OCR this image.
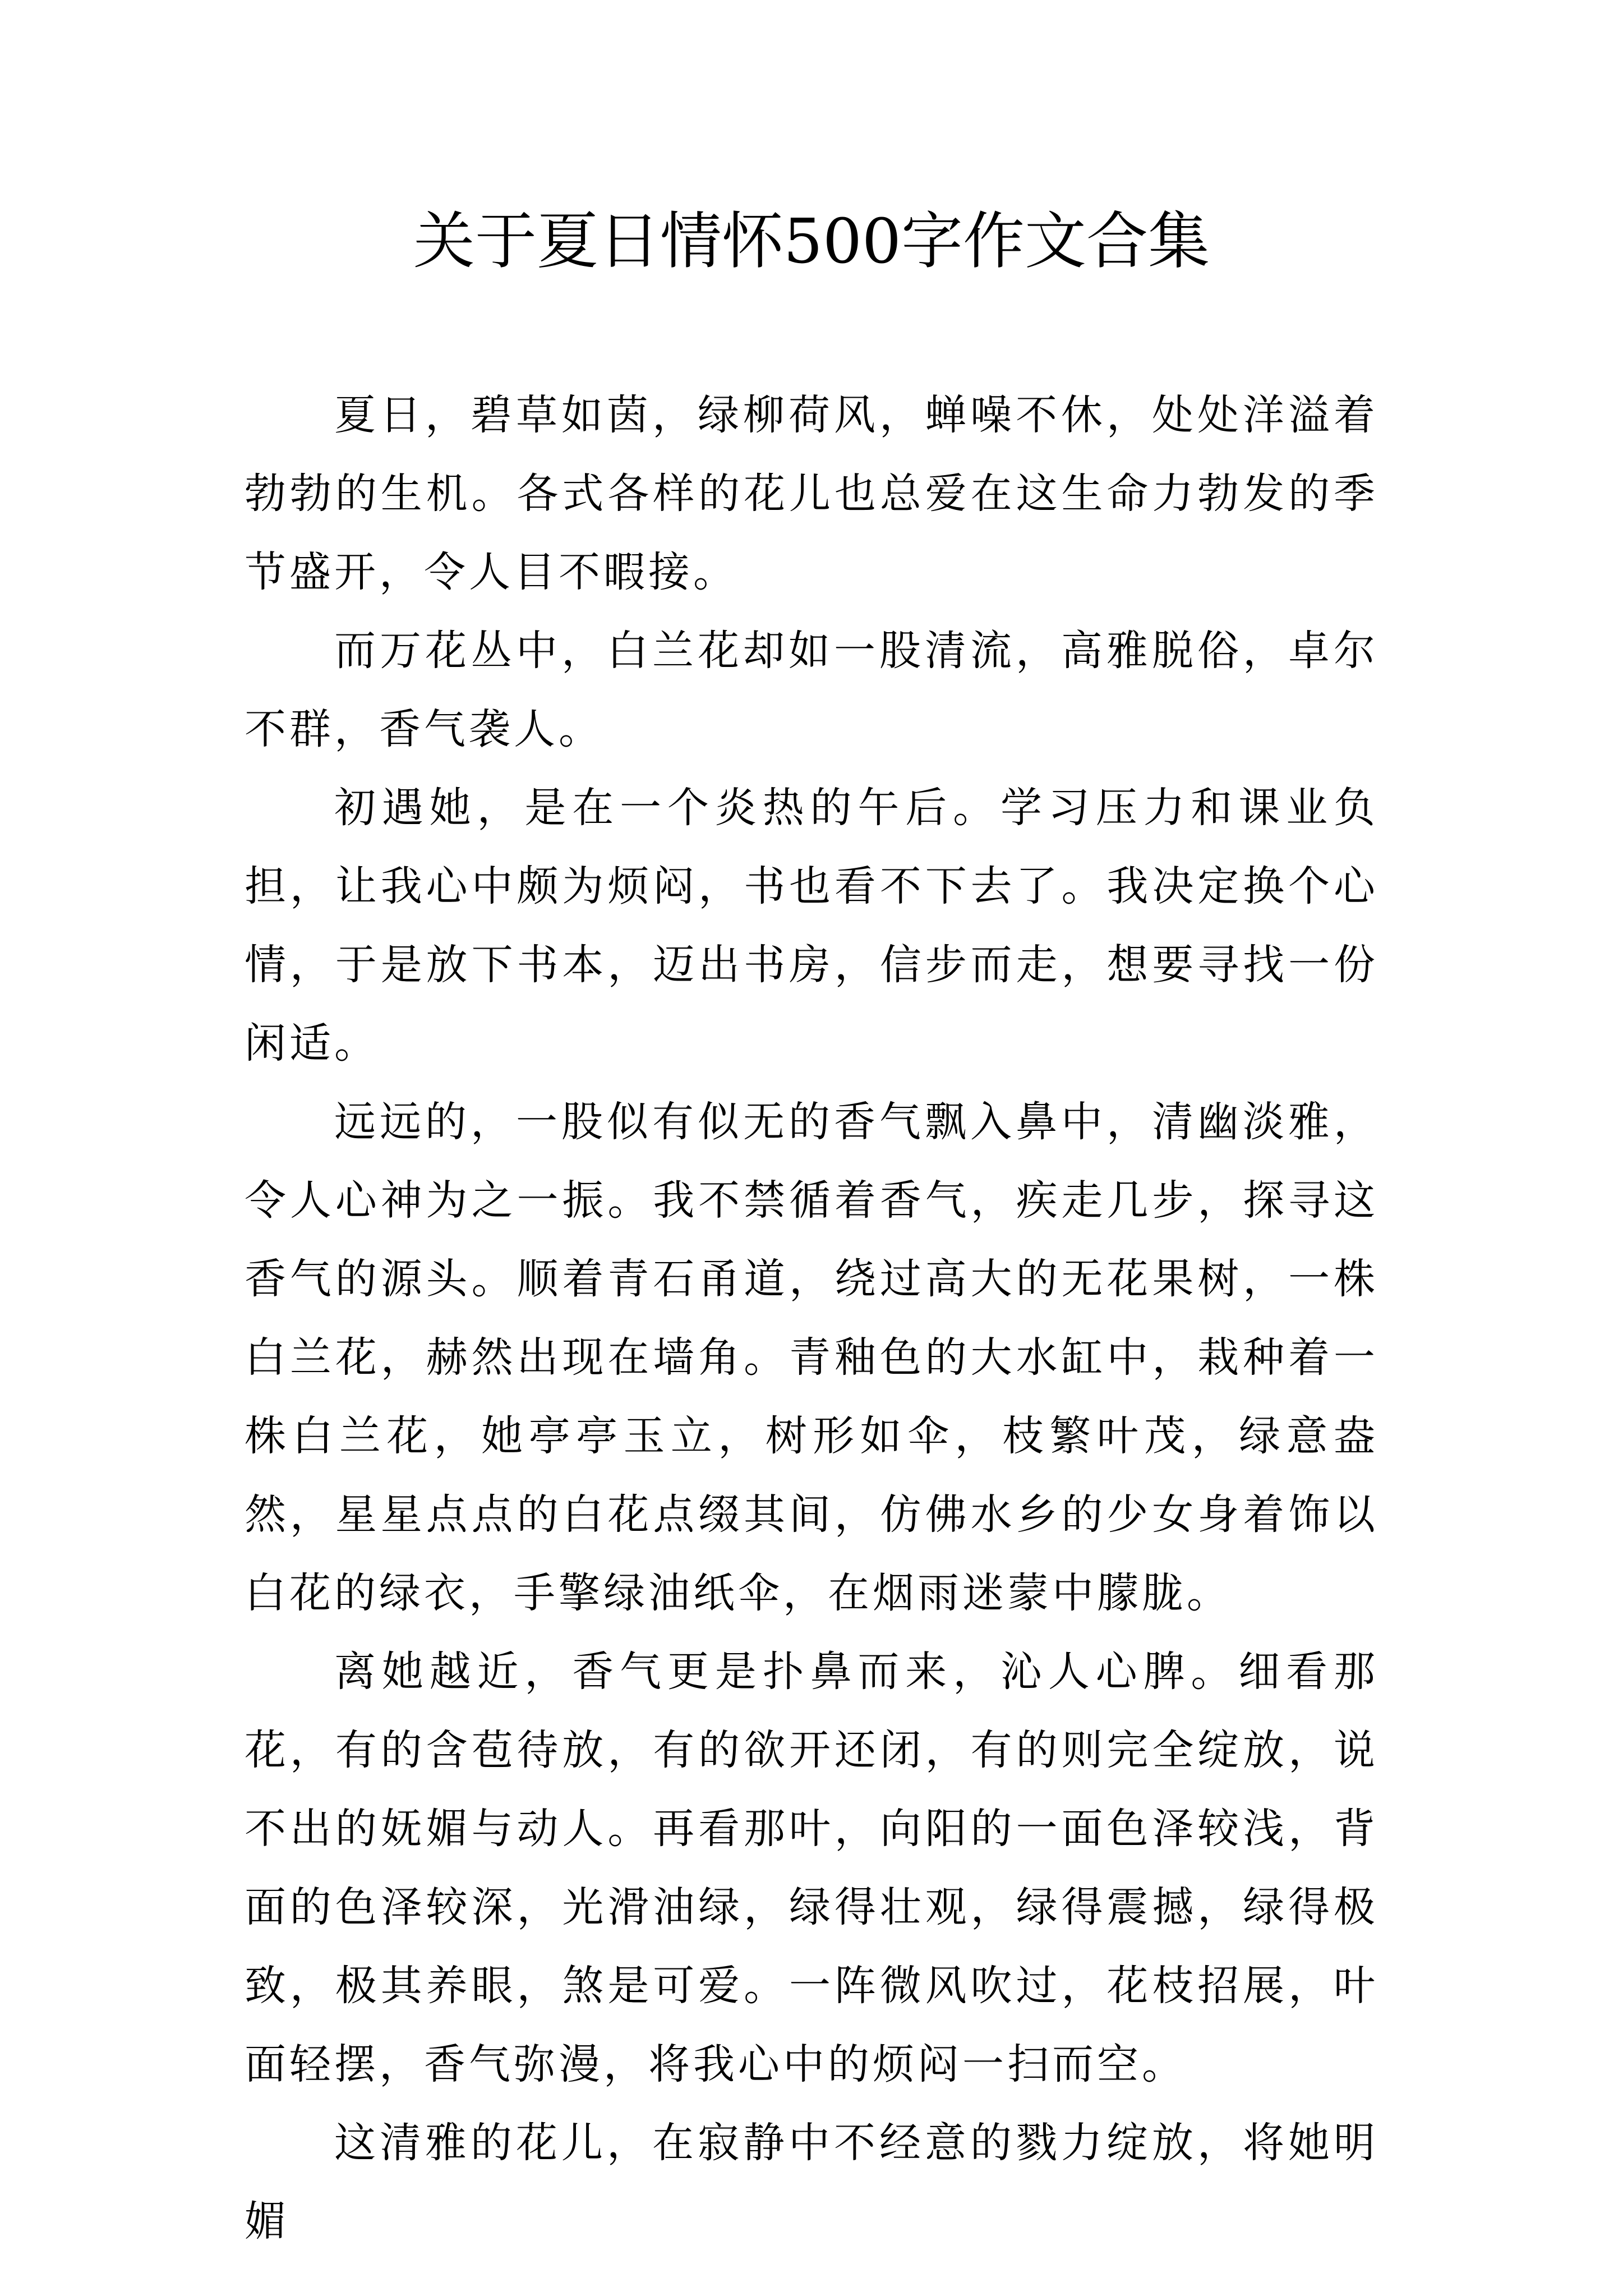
关于夏日情怀500字作文合集

夏日，碧草如茵，绿柳荷风，蝉噪不休，处处洋溢着勃勃的生机。各式各样的花儿也总爱在这生命力勃发的季节盛开，令人目不暇接。

而万花丛中，白兰花却如一股清流，高雅脱俗，卓尔不群，香气袭人。

初遇她，是在一个炎热的午后。学习压力和课业负担，让我心中颇为烦闷，书也看不下去了。我决定换个心情，于是放下书本，迈出书房，信步而走，想要寻找一份闲适。

远远的，一股似有似无的香气飘入鼻中，清幽淡雅，令人心神为之一振。我不禁循着香气，疾走几步，探寻这香气的源头。顺着青石甬道，绕过高大的无花果树，一株白兰花，赫然出现在墙角。青釉色的大水缸中，栽种着一株白兰花，她亭亭玉立，树形如伞，枝繁叶茂，绿意盎然，星星点点的白花点缀其间，仿佛水乡的少女身着饰以白花的绿衣，手擎绿油纸伞，在烟雨迷蒙中朦胧。

离她越近，香气更是扑鼻而来，沁人心脾。细看那花，有的含苞待放，有的欲开还闭，有的则完全绽放，说不出的妩媚与动人。再看那叶，向阳的一面色泽较浅，背面的色泽较深，光滑油绿，绿得壮观，绿得震撼，绿得极致，极其养眼，煞是可爱。一阵微风吹过，花枝招展，叶面轻摆，香气弥漫，将我心中的烦闷一扫而空。

这清雅的花儿，在寂静中不经意的戮力绽放，将她明媚
